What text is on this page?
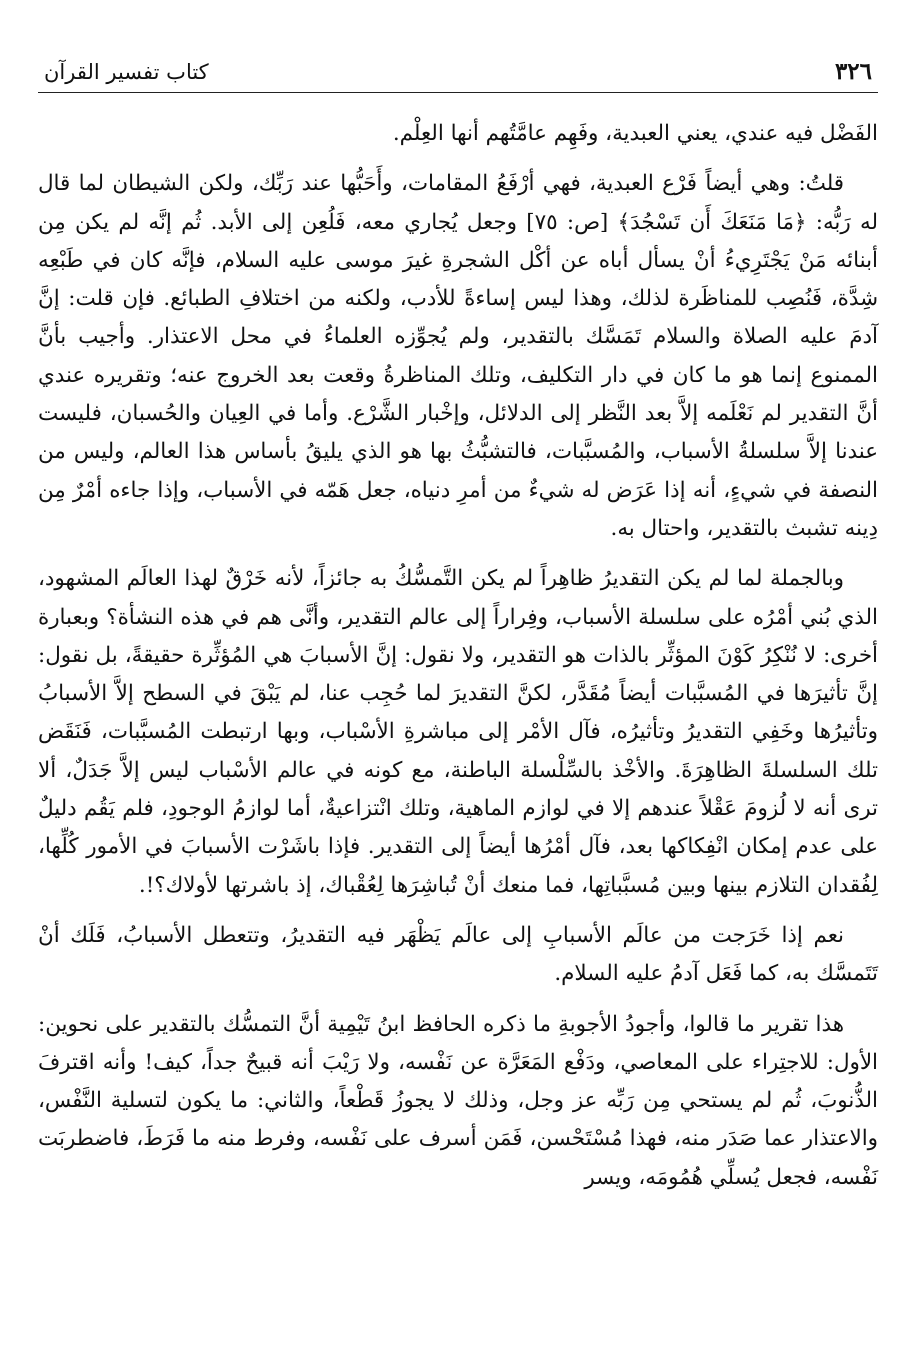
٣٢٦
كتاب تفسير القرآن

الفَضْل فيه عندي، يعني العبدية، وفَهِم عامَّتُهم أنها العِلْم.

قلتُ: وهي أيضاً فَرْع العبدية، فهي أرْفَعُ المقامات، وأَحَبُّها عند رَبِّك، ولكن الشيطان لما قال له رَبُّه: ﴿مَا مَنَعَكَ أَن تَسْجُدَ﴾ [ص: ٧٥] وجعل يُجاري معه، فَلُعِن إلى الأبد. ثُم إنَّه لم يكن مِن أبنائه مَنْ يَجْتَرِيءُ أنْ يسأل أباه عن أكْل الشجرةِ غيرَ موسى عليه السلام، فإنَّه كان في طَبْعِه شِدَّة، فَنُصِب للمناظَرة لذلك، وهذا ليس إساءةً للأدب، ولكنه من اختلافِ الطبائع. فإن قلت: إنَّ آدمَ عليه الصلاة والسلام تَمَسَّك بالتقدير، ولم يُجوِّزه العلماءُ في محل الاعتذار. وأجيب بأنَّ الممنوع إنما هو ما كان في دار التكليف، وتلك المناظرةُ وقعت بعد الخروج عنه؛ وتقريره عندي أنَّ التقدير لم نَعْلَمه إلاَّ بعد النَّظر إلى الدلائل، وإخْبار الشَّرْع. وأما في العِيان والحُسبان، فليست عندنا إلاَّ سلسلةُ الأسباب، والمُسبَّبات، فالتشبُّثُ بها هو الذي يليقُ بأساس هذا العالم، وليس من النصفة في شيءٍ، أنه إذا عَرَض له شيءٌ من أمرِ دنياه، جعل هَمّه في الأسباب، وإذا جاءه أمْرٌ مِن دِينه تشبث بالتقدير، واحتال به.

وبالجملة لما لم يكن التقديرُ ظاهِراً لم يكن التَّمسُّكُ به جائزاً، لأنه خَرْقٌ لهذا العالَم المشهود، الذي بُني أمْرُه على سلسلة الأسباب، وفِراراً إلى عالم التقدير، وأنَّى هم في هذه النشأة؟ وبعبارة أخرى: لا نُنْكِرُ كَوْنَ المؤثِّر بالذات هو التقدير، ولا نقول: إنَّ الأسبابَ هي المُؤثِّرة حقيقةً، بل نقول: إنَّ تأثيرَها في المُسبَّبات أيضاً مُقَدَّر، لكنَّ التقديرَ لما حُجِب عنا، لم يَبْقَ في السطح إلاَّ الأسبابُ وتأثيرُها وخَفِي التقديرُ وتأثيرُه، فآل الأمْر إلى مباشرةِ الأسْباب، وبها ارتبطت المُسبَّبات، فَنَقَض تلك السلسلةَ الظاهِرَةَ. والأخْذ بالسِّلْسلة الباطنة، مع كونه في عالم الأسْباب ليس إلاَّ جَدَلٌ، ألا ترى أنه لا لُزومَ عَقْلاً عندهم إلا في لوازم الماهية، وتلك انْتزاعيةٌ، أما لوازمُ الوجودِ، فلم يَقُم دليلٌ على عدم إمكان انْفِكاكها بعد، فآل أمْرُها أيضاً إلى التقدير. فإذا باشَرْت الأسبابَ في الأمور كُلِّها، لِفُقدان التلازم بينها وبين مُسبَّباتِها، فما منعك أنْ تُباشِرَها لِعُقْباك، إذ باشرتها لأولاك؟!.

نعم إذا خَرَجت من عالَم الأسبابِ إلى عالَم يَظْهَر فيه التقديرُ، وتتعطل الأسبابُ، فَلَك أنْ تَتَمسَّك به، كما فَعَل آدمُ عليه السلام.

هذا تقرير ما قالوا، وأجودُ الأجوبةِ ما ذكره الحافظ ابنُ تَيْمِية أنَّ التمسُّك بالتقدير على نحوين: الأول: للاجتِراء على المعاصي، ودَفْع المَعَرَّة عن نَفْسه، ولا رَيْبَ أنه قبيحٌ جداً، كيف! وأنه اقترفَ الذُّنوبَ، ثُم لم يستحي مِن رَبِّه عز وجل، وذلك لا يجوزُ قَطْعاً، والثاني: ما يكون لتسلية النَّفْس، والاعتذار عما صَدَر منه، فهذا مُسْتَحْسن، فَمَن أسرف على نَفْسه، وفرط منه ما فَرَطَ، فاضطربَت نَفْسه، فجعل يُسلِّي هُمُومَه، ويسر
